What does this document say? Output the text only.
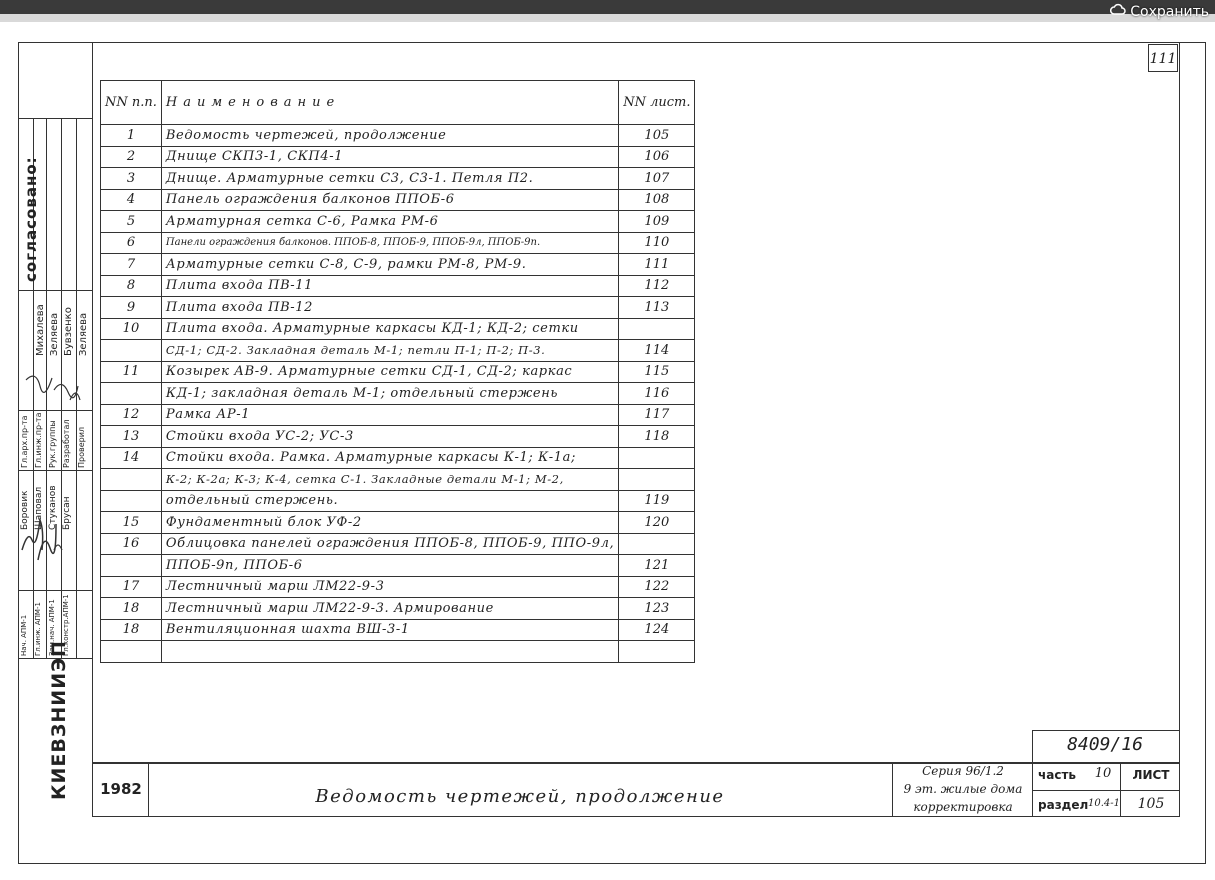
Сохранить
111
согласовано:
Михалева Зеляева Бувзенко Зеляева
Гл.арх.пр-та Гл.инж.пр-та Рук.группы Разработал Проверил
Боровик Шаповал Стуканов Брусан
Нач. АПМ-1 Гл.инж. АПМ-1 Зам.нач. АПМ-1 Гл.констр.АПМ-1
КИЕВЗНИИЭП
NN п.п.	Наименование	NN лист.
1	Ведомость чертежей, продолжение	105
2	Днище СКП3-1, СКП4-1	106
3	Днище. Арматурные сетки С3, С3-1. Петля П2.	107
4	Панель ограждения балконов ППОБ-6	108
5	Арматурная сетка С-6, Рамка РМ-6	109
6	Панели ограждения балконов. ППОБ-8, ППОБ-9, ППОБ-9л, ППОБ-9п.	110
7	Арматурные сетки С-8, С-9, рамки РМ-8, РМ-9.	111
8	Плита входа ПВ-11	112
9	Плита входа ПВ-12	113
10	Плита входа. Арматурные каркасы КД-1; КД-2; сетки	
	СД-1; СД-2. Закладная деталь М-1; петли П-1; П-2; П-3.	114
11	Козырек АВ-9. Арматурные сетки СД-1, СД-2; каркас	115
	КД-1; закладная деталь М-1; отдельный стержень	116
12	Рамка АР-1	117
13	Стойки входа УС-2; УС-3	118
14	Стойки входа. Рамка. Арматурные каркасы К-1; К-1а;	
	К-2; К-2а; К-3; К-4, сетка С-1. Закладные детали М-1; М-2,	
	отдельный стержень.	119
15	Фундаментный блок УФ-2	120
16	Облицовка панелей ограждения ППОБ-8, ППОБ-9, ППО-9л,	
	ППОБ-9п, ППОБ-6	121
17	Лестничный марш ЛМ22-9-3	122
18	Лестничный марш ЛМ22-9-3. Армирование	123
18	Вентиляционная шахта ВШ-3-1	124

1982	Ведомость чертежей, продолжение
Серия 96/1.2
9 эт. жилые дома
корректировка
8409/16
часть	10
раздел 10.4-1
ЛИСТ
105
